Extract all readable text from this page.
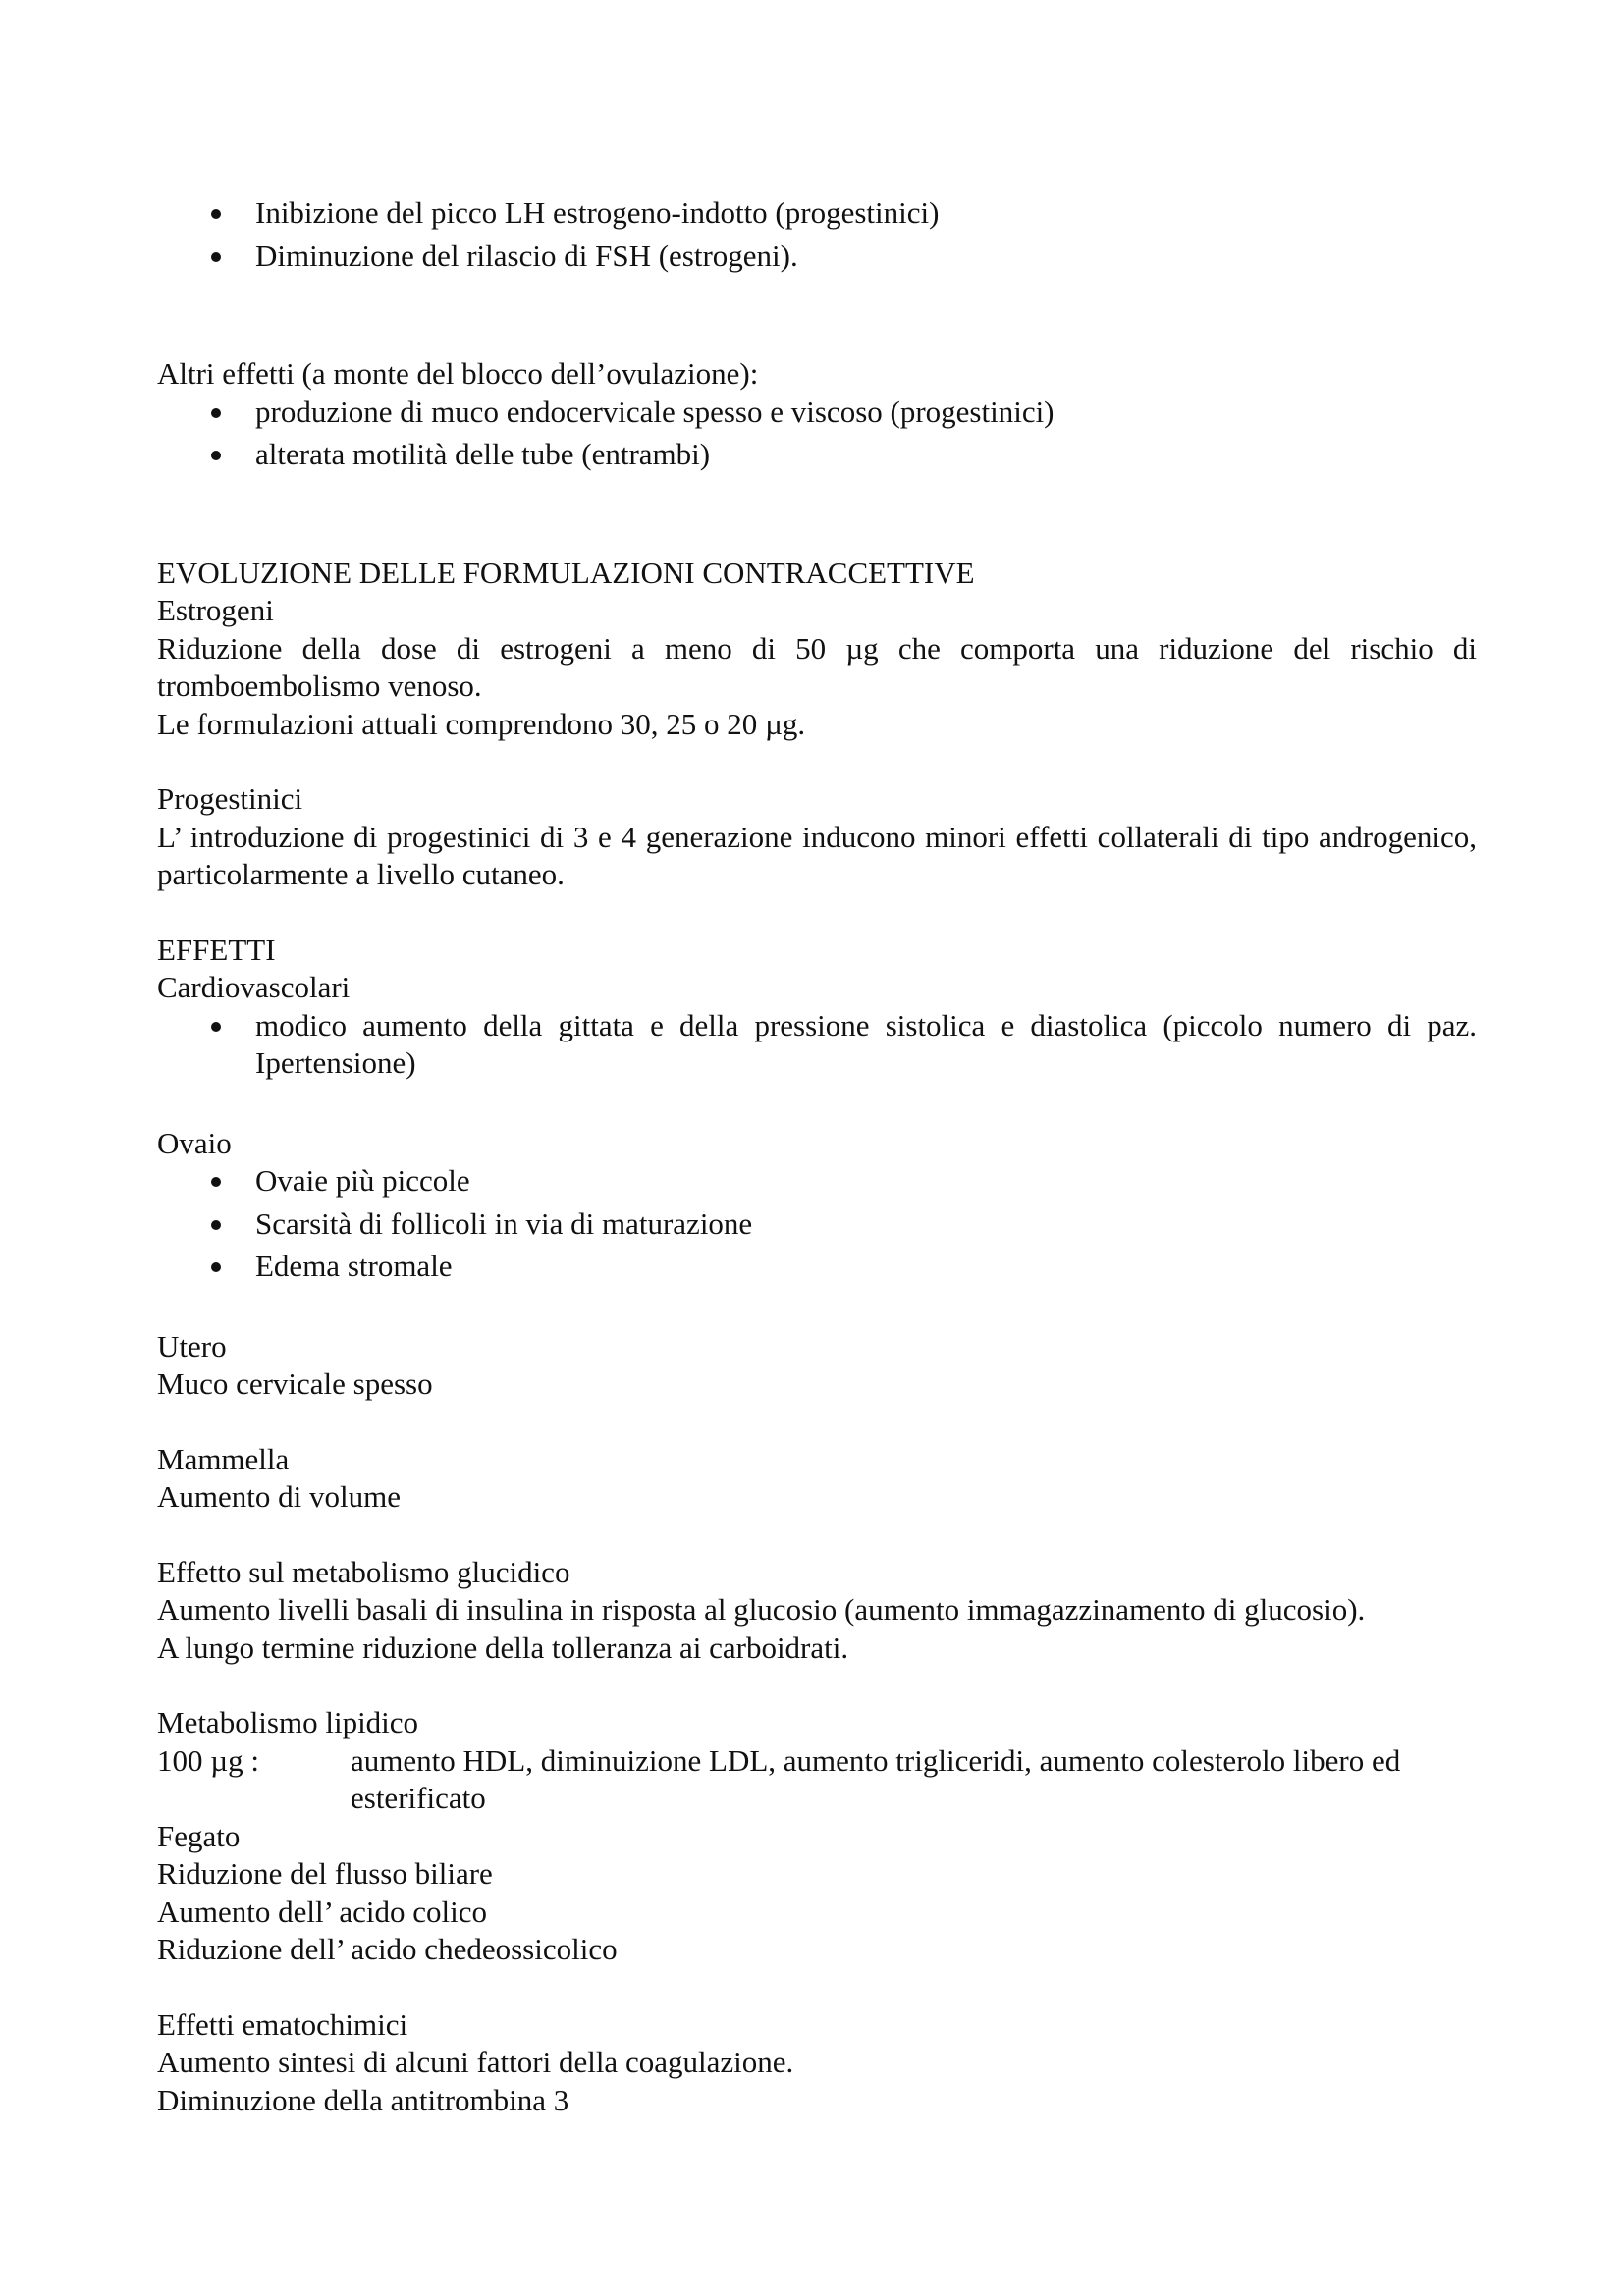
Inibizione del picco LH estrogeno-indotto (progestinici)
Diminuzione del rilascio di FSH (estrogeni).

Altri effetti (a monte del blocco dell’ovulazione):

produzione di muco endocervicale spesso e viscoso (progestinici)
alterata motilità delle tube (entrambi)

EVOLUZIONE DELLE FORMULAZIONI CONTRACCETTIVE

Estrogeni

Riduzione della dose di estrogeni a meno di 50 µg che comporta una riduzione del rischio di tromboembolismo venoso.

Le formulazioni attuali comprendono 30, 25 o 20 µg.

Progestinici

L’ introduzione di progestinici di 3 e 4 generazione inducono minori effetti collaterali di tipo androgenico, particolarmente a livello cutaneo.

EFFETTI

Cardiovascolari

modico aumento della gittata e della pressione sistolica e diastolica (piccolo numero di paz. Ipertensione)

Ovaio

Ovaie più piccole
Scarsità di follicoli in via di maturazione
Edema stromale

Utero

Muco cervicale spesso

Mammella

Aumento di volume

Effetto sul metabolismo glucidico

Aumento livelli basali di insulina in risposta al glucosio (aumento immagazzinamento di glucosio).

A lungo termine riduzione della tolleranza ai carboidrati.

Metabolismo lipidico

100 µg :	aumento HDL, diminuizione LDL, aumento trigliceridi, aumento colesterolo libero ed esterificato

Fegato

Riduzione del flusso biliare

Aumento dell’ acido colico

Riduzione dell’ acido chedeossicolico

Effetti ematochimici

Aumento sintesi di alcuni fattori della coagulazione.

Diminuzione della antitrombina 3
